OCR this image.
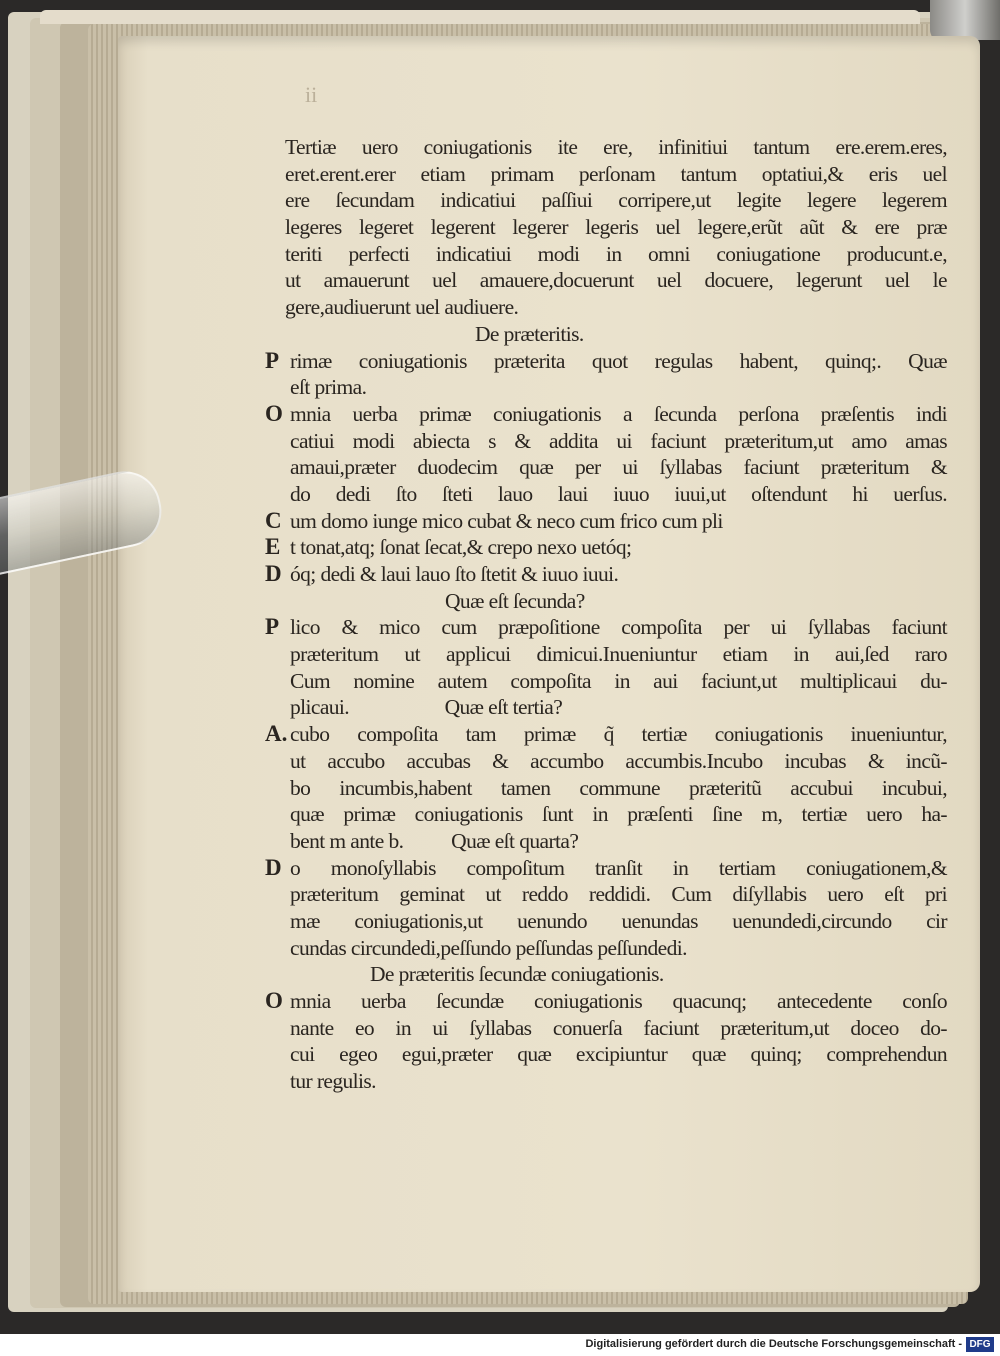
ii
Tertiæ uero coniugationis ite ere, infinitiui tantum ere.erem.eres,
eret.erent.erer etiam primam perſonam tantum optatiui,& eris uel
ere ſecundam indicatiui paſſiui corripere,ut legite legere legerem
legeres legeret legerent legerer legeris uel legere,erũt aũt & ere præ
teriti perfecti indicatiui modi in omni coniugatione producunt.e,
ut amauerunt uel amauere,docuerunt uel docuere, legerunt uel le
gere,audiuerunt uel audiuere.
De præteritis.
P rimæ coniugationis præterita quot regulas habent, quinq;. Quæ
eſt prima.
O mnia uerba primæ coniugationis a ſecunda perſona præſentis indi
catiui modi abiecta s & addita ui faciunt præteritum,ut amo amas
amaui,præter duodecim quæ per ui ſyllabas faciunt præteritum &
do dedi ſto ſteti lauo laui iuuo iuui,ut oſtendunt hi uerſus.
C um domo iunge mico cubat & neco cum frico cum pli
E t tonat,atq; ſonat ſecat,& crepo nexo uetóq;
D óq; dedi & laui lauo ſto ſtetit & iuuo iuui.
Quæ eſt ſecunda?
P lico & mico cum præpoſitione compoſita per ui ſyllabas faciunt
præteritum ut applicui dimicui.Inueniuntur etiam in aui,ſed raro
Cum nomine autem compoſita in aui faciunt,ut multiplicaui du-
plicaui.                    Quæ eſt tertia?
A. cubo compoſita tam primæ q̃ tertiæ coniugationis inueniuntur,
ut accubo accubas & accumbo accumbis.Incubo incubas & incũ-
bo incumbis,habent tamen commune præteritũ accubui incubui,
quæ primæ coniugationis ſunt in præſenti ſine m, tertiæ uero ha-
bent m ante b.          Quæ eſt quarta?
D o monoſyllabis compoſitum tranſit in tertiam coniugationem,&
præteritum geminat ut reddo reddidi. Cum diſyllabis uero eſt pri
mæ coniugationis,ut uenundo uenundas uenundedi,circundo cir
cundas circundedi,peſſundo peſſundas peſſundedi.
De præteritis ſecundæ coniugationis.
O mnia uerba ſecundæ coniugationis quacunq; antecedente conſo
nante eo in ui ſyllabas conuerſa faciunt præteritum,ut doceo do-
cui egeo egui,præter quæ excipiuntur quæ quinq; comprehendun
tur regulis.
Digitalisierung gefördert durch die Deutsche Forschungsgemeinschaft - DFG
